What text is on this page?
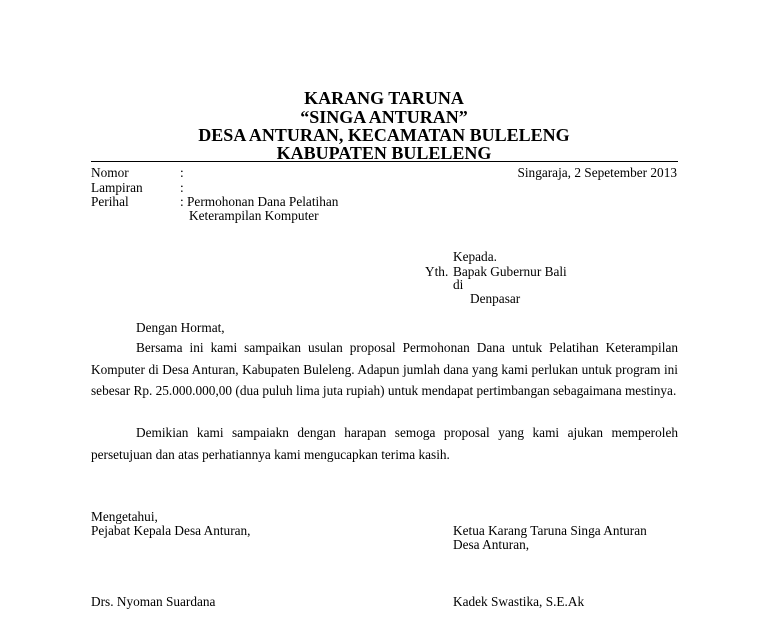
KARANG TARUNA
“SINGA ANTURAN”
DESA ANTURAN, KECAMATAN BULELENG
KABUPATEN BULELENG
Nomor	:	Singaraja, 2 Sepetember 2013
Lampiran	:
Perihal	: Permohonan Dana Pelatihan
Keterampilan Komputer
Kepada.
Yth. Bapak Gubernur Bali
di
Denpasar
Dengan Hormat,
Bersama ini kami sampaikan usulan proposal Permohonan Dana untuk Pelatihan Keterampilan Komputer di Desa Anturan, Kabupaten Buleleng. Adapun jumlah dana yang kami perlukan untuk program ini sebesar Rp. 25.000.000,00 (dua puluh lima juta rupiah) untuk mendapat pertimbangan sebagaimana mestinya.
Demikian kami sampaiakn dengan harapan semoga proposal yang kami ajukan memperoleh persetujuan dan atas perhatiannya kami mengucapkan terima kasih.
Mengetahui,
Pejabat Kepala Desa Anturan,	Ketua Karang Taruna Singa Anturan
Desa Anturan,
Drs. Nyoman Suardana	Kadek Swastika, S.E.Ak
